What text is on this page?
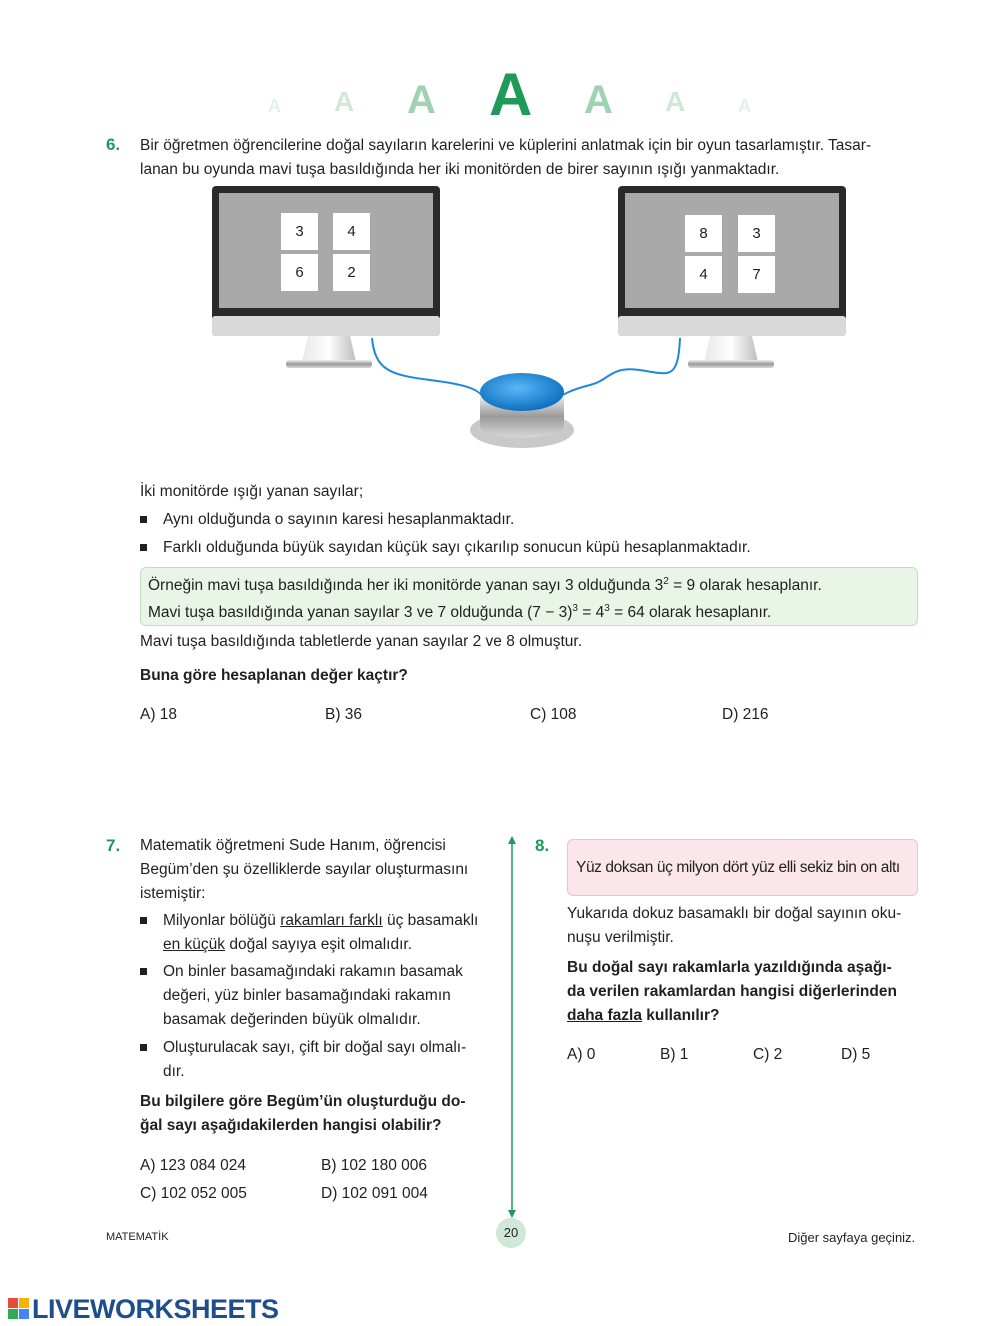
A A A A A A	A
6. Bir öğretmen öğrencilerine doğal sayıların karelerini ve küplerini anlatmak için bir oyun tasarlamıştır. Tasar-
lanan bu oyunda mavi tuşa basıldığında her iki monitörden de birer sayının ışığı yanmaktadır.
3	4
6	2
8	3
4	7
İki monitörde ışığı yanan sayılar;
Aynı olduğunda o sayının karesi hesaplanmaktadır.
Farklı olduğunda büyük sayıdan küçük sayı çıkarılıp sonucun küpü hesaplanmaktadır.
Örneğin mavi tuşa basıldığında her iki monitörde yanan sayı 3 olduğunda $3^2 = 9$ olarak hesaplanır.
Mavi tuşa basıldığında yanan sayılar 3 ve 7 olduğunda $(7 - 3)^3 = 4^3 = 64$ olarak hesaplanır.
Mavi tuşa basıldığında tabletlerde yanan sayılar 2 ve 8 olmuştur.
Buna göre hesaplanan değer kaçtır?
A) 18	B) 36	C) 108	D) 216
7. Matematik öğretmeni Sude Hanım, öğrencisi
Begüm’den şu özelliklerde sayılar oluşturmasını
istemiştir:
Milyonlar bölüğü rakamları farklı üç basamaklı
en küçük doğal sayıya eşit olmalıdır.
On binler basamağındaki rakamın basamak
değeri, yüz binler basamağındaki rakamın
basamak değerinden büyük olmalıdır.
Oluşturulacak sayı, çift bir doğal sayı olmalı-
dır.
Bu bilgilere göre Begüm’ün oluşturduğu do-
ğal sayı aşağıdakilerden hangisi olabilir?
A) 123 084 024	B) 102 180 006
C) 102 052 005	D) 102 091 004
8.
Yüz doksan üç milyon dört yüz elli sekiz bin on altı
Yukarıda dokuz basamaklı bir doğal sayının oku-
nuşu verilmiştir.
Bu doğal sayı rakamlarla yazıldığında aşağı-
da verilen rakamlardan hangisi diğerlerinden
daha fazla kullanılır?
A) 0	B) 1	C) 2	D) 5
MATEMATİK	20	Diğer sayfaya geçiniz.
LIVEWORKSHEETS
